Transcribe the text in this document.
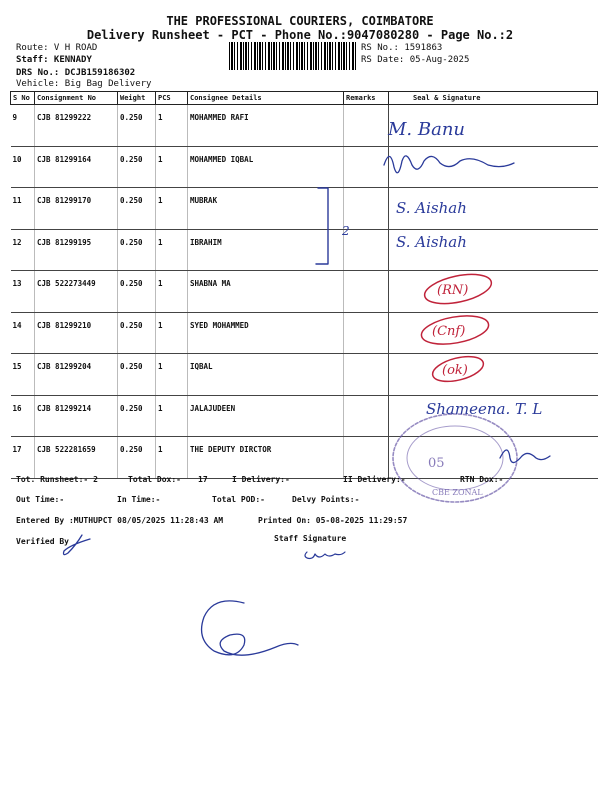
THE PROFESSIONAL COURIERS, COIMBATORE
Delivery Runsheet - PCT - Phone No.:9047080280 - Page No.:2
Route: V H ROAD
Staff: KENNADY
DRS No.: DCJB159186302
Vehicle: Big Bag Delivery
RS No.: 1591863
RS Date: 05-Aug-2025
S No	Consignment No	Weight	PCS	Consignee Details	Remarks	Seal & Signature
9	CJB 81299222	0.250	1	MOHAMMED RAFI		
10	CJB 81299164	0.250	1	MOHAMMED IQBAL		
11	CJB 81299170	0.250	1	MUBRAK		
12	CJB 81299195	0.250	1	IBRAHIM		
13	CJB 522273449	0.250	1	SHABNA MA		
14	CJB 81299210	0.250	1	SYED MOHAMMED		
15	CJB 81299204	0.250	1	IQBAL		
16	CJB 81299214	0.250	1	JALAJUDEEN		
17	CJB 522281659	0.250	1	THE DEPUTY DIRCTOR		
M. Banu
2
S. Aishah
S. Aishah
(RN)
(Cnf)
(ok)
Shameena. T. L
05
CBE ZONAL
Tot. Runsheet:- 2	Total Dox:- 17	I Delivery:-	II Delivery:-	RTN Dox:-
Out Time:-	In Time:-	Total POD:-	Delvy Points:-
Entered By :MUTHUPCT 08/05/2025 11:28:43 AM	Printed On: 05-08-2025 11:29:57
Verified By	Staff Signature
